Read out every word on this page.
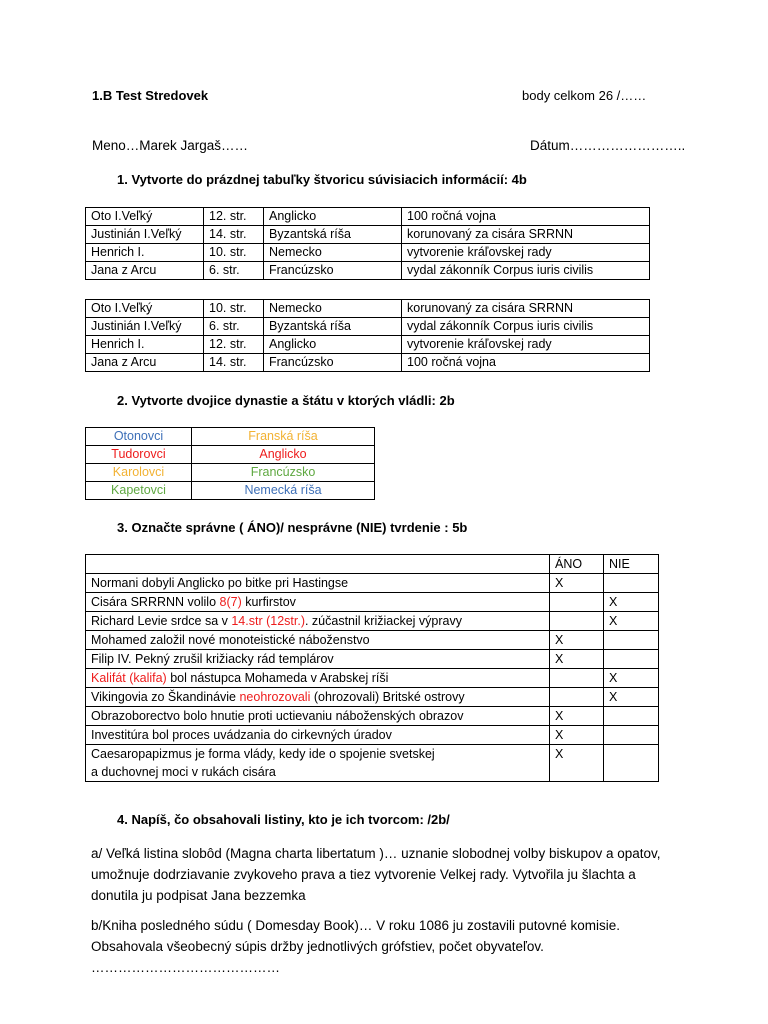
1.B Test Stredovek	body celkom 26 /……
Meno…Marek Jargaš……	Dátum……………………..
1. Vytvorte do prázdnej tabuľky štvoricu súvisiacich informácií: 4b
Oto I.Veľký	12. str.	Anglicko	100 ročná vojna
Justinián I.Veľký	14. str.	Byzantská ríša	korunovaný za cisára SRRNN
Henrich I.	10. str.	Nemecko	vytvorenie kráľovskej rady
Jana z Arcu	6. str.	Francúzsko	vydal zákonník Corpus iuris civilis
Oto I.Veľký	10. str.	Nemecko	korunovaný za cisára SRRNN
Justinián I.Veľký	6. str.	Byzantská ríša	vydal zákonník Corpus iuris civilis
Henrich I.	12. str.	Anglicko	vytvorenie kráľovskej rady
Jana z Arcu	14. str.	Francúzsko	100 ročná vojna
2. Vytvorte dvojice dynastie a štátu v ktorých vládli: 2b
Otonovci	Franská ríša
Tudorovci	Anglicko
Karolovci	Francúzsko
Kapetovci	Nemecká ríša
3. Označte správne ( ÁNO)/ nesprávne (NIE) tvrdenie : 5b
	ÁNO	NIE
Normani dobyli Anglicko po bitke pri Hastingse	X	
Cisára SRRRNN volilo 8(7) kurfirstov		X
Richard Levie srdce sa v 14.str (12str.). zúčastnil križiackej výpravy		X
Mohamed založil nové monoteistické náboženstvo	X	
Filip IV. Pekný zrušil križiacky rád templárov	X	
Kalifát (kalifa) bol nástupca Mohameda v Arabskej ríši		X
Vikingovia zo Škandinávie neohrozovali (ohrozovali) Britské ostrovy		X
Obrazoborectvo bolo hnutie proti uctievaniu náboženských obrazov	X	
Investitúra bol proces uvádzania do cirkevných úradov	X	

Caesaropapizmus je forma vlády, kedy ide o spojenie svetskej
a duchovnej moci v rukách cisára	X	
4. Napíš, čo obsahovali listiny, kto je ich tvorcom: /2b/
a/ Veľká listina slobôd (Magna charta libertatum )… uznanie slobodnej volby biskupov a opatov, umožnuje dodrziavanie zvykoveho prava a tiez vytvorenie Velkej rady. Vytvořila ju šlachta a donutila ju podpisat Jana bezzemka
b/Kniha posledného súdu ( Domesday Book)… V roku 1086 ju zostavili putovné komisie. Obsahovala všeobecný súpis držby jednotlivých grófstiev, počet obyvateľov.
……………………………………
